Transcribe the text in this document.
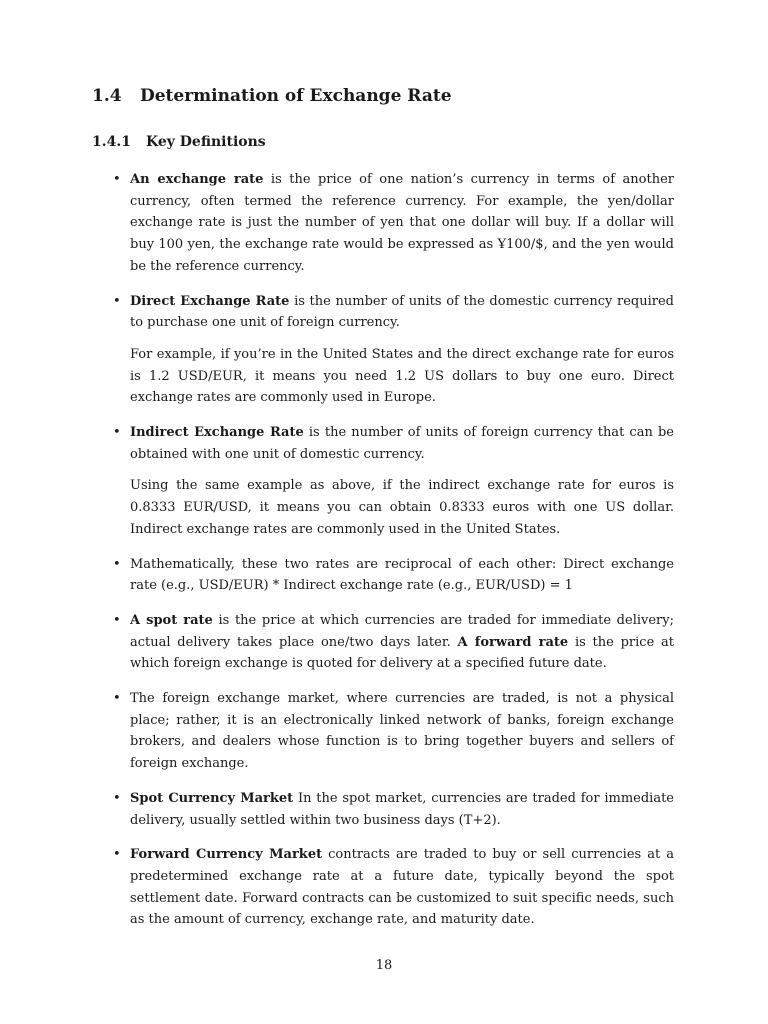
1.4 Determination of Exchange Rate
1.4.1 Key Definitions
• An exchange rate is the price of one nation’s currency in terms of another currency, often termed the reference currency. For example, the yen/dollar exchange rate is just the number of yen that one dollar will buy. If a dollar will buy 100 yen, the exchange rate would be expressed as Ұ100/$, and the yen would be the reference currency.

• Direct Exchange Rate is the number of units of the domestic currency required to purchase one unit of foreign currency.

For example, if you’re in the United States and the direct exchange rate for euros is 1.2 USD/EUR, it means you need 1.2 US dollars to buy one euro. Direct exchange rates are commonly used in Europe.

• Indirect Exchange Rate is the number of units of foreign currency that can be obtained with one unit of domestic currency.

Using the same example as above, if the indirect exchange rate for euros is 0.8333 EUR/USD, it means you can obtain 0.8333 euros with one US dollar. Indirect exchange rates are commonly used in the United States.

• Mathematically, these two rates are reciprocal of each other: Direct exchange rate (e.g., USD/EUR) * Indirect exchange rate (e.g., EUR/USD) = 1

• A spot rate is the price at which currencies are traded for immediate delivery; actual delivery takes place one/two days later. A forward rate is the price at which foreign exchange is quoted for delivery at a specified future date.

• The foreign exchange market, where currencies are traded, is not a physical place; rather, it is an electronically linked network of banks, foreign exchange brokers, and dealers whose function is to bring together buyers and sellers of foreign exchange.

• Spot Currency Market In the spot market, currencies are traded for immediate delivery, usually settled within two business days (T+2).

• Forward Currency Market contracts are traded to buy or sell currencies at a predetermined exchange rate at a future date, typically beyond the spot settlement date. Forward contracts can be customized to suit specific needs, such as the amount of currency, exchange rate, and maturity date.

18
